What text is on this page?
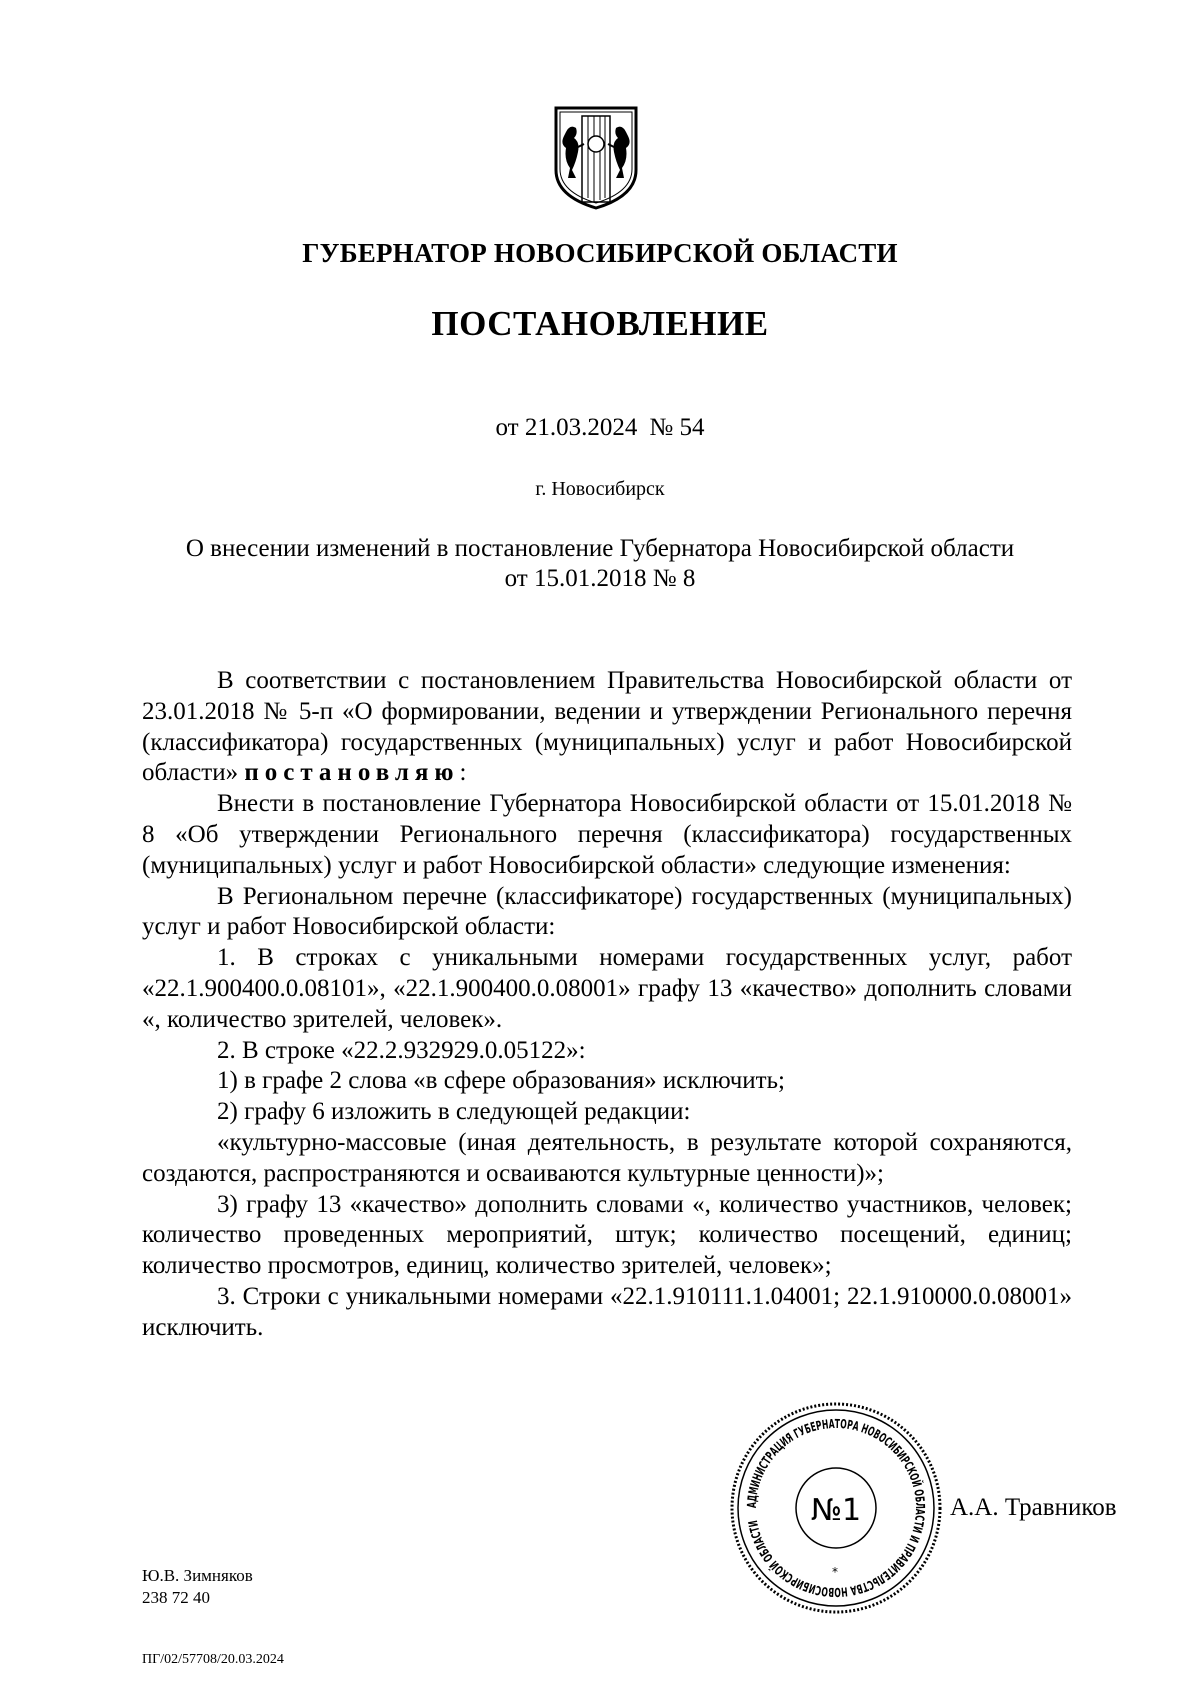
ГУБЕРНАТОР НОВОСИБИРСКОЙ ОБЛАСТИ
ПОСТАНОВЛЕНИЕ
от 21.03.2024 № 54
г. Новосибирск
О внесении изменений в постановление Губернатора Новосибирской области
от 15.01.2018 № 8

В соответствии с постановлением Правительства Новосибирской области от 23.01.2018 № 5-п «О формировании, ведении и утверждении Регионального перечня (классификатора) государственных (муниципальных) услуг и работ Новосибирской области» постановляю:

Внести в постановление Губернатора Новосибирской области от 15.01.2018 № 8 «Об утверждении Регионального перечня (классификатора) государственных (муниципальных) услуг и работ Новосибирской области» следующие изменения:

В Региональном перечне (классификаторе) государственных (муниципальных) услуг и работ Новосибирской области:

1. В строках с уникальными номерами государственных услуг, работ «22.1.900400.0.08101», «22.1.900400.0.08001» графу 13 «качество» дополнить словами «, количество зрителей, человек».

2. В строке «22.2.932929.0.05122»:

1) в графе 2 слова «в сфере образования» исключить;

2) графу 6 изложить в следующей редакции:

«культурно-массовые (иная деятельность, в результате которой сохраняются, создаются, распространяются и осваиваются культурные ценности)»;

3) графу 13 «качество» дополнить словами «, количество участников, человек; количество проведенных мероприятий, штук; количество посещений, единиц; количество просмотров, единиц, количество зрителей, человек»;

3. Строки с уникальными номерами «22.1.910111.1.04001; 22.1.910000.0.08001» исключить.

АДМИНИСТРАЦИЯ ГУБЕРНАТОРА НОВОСИБИРСКОЙ ОБЛАСТИ И ПРАВИТЕЛЬСТВА НОВОСИБИРСКОЙ ОБЛАСТИ	№1
*
А.А. Травников
Ю.В. Зимняков
238 72 40
ПГ/02/57708/20.03.2024
